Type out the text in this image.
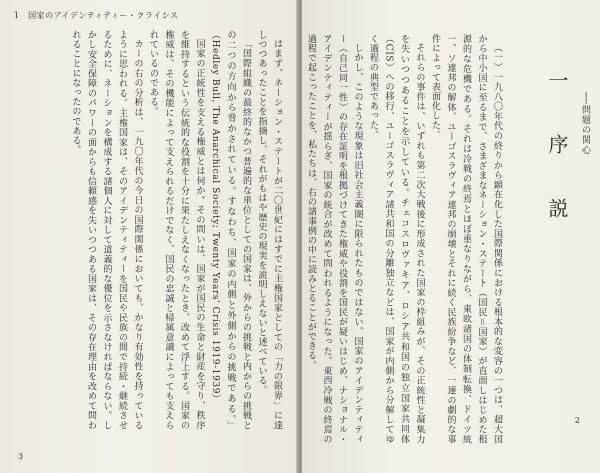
1　国家のアイデンティティー・クライシス

はまず、ネーション・ステートが二〇世紀にはすでに主権国家としての「力の限界」に達しつつあったことを指摘し、それがもはや歴史の現実を説明しえないと述べている。

「国際組織の最終的なかつ普遍的な単位としての国家は、外からの挑戦と内からの挑戦との二つの方向から脅かされている。すなわち、国家の内側と外側からの挑戦である。」（Hedley Bull, The Anarchical Society; Twenty Years' Crisis 1919-1939）

国家の正統性を支える権威とは何か。その問いは、国家が国民の生命と財産を守り、秩序を維持するという伝統的な役割を十分に果たしえなくなったとき、改めて浮上する。国家の権威は、その機能によって支えられるだけでなく、国民の忠誠と帰属意識によっても支えられているのである。

カーの右の分析は、一九〇年代の今日の国際関係においても、かなり有効性を持っているように思われる。主権国家は、そのアイデンティティーを国民や民族の間で持続・継続させるために、ネーションを構成する諸個人に対して道義的な優位を示さなければならない。しかし安全保障のパワーの面からも信頼感を失いつつある国家は、その存在理由を改めて問われることになったのである。

3

（一）一九八〇年代の終りから顕在化した国際関係における根本的な変容の一つは、超大国から中小国に至るまで、さまざまなネーション・ステート（国民＝国家）が直面しはじめた根源的な危機である。それは冷戦の終焉とほぼ重なりながら、東欧諸国の体制転換、ドイツ統一、ソ連邦の解体、ユーゴスラヴィア連邦の崩壊とそれに続く民族紛争など、一連の劇的な事件によって表面化した。

それらの事件は、いずれも第二次大戦後に形成された国家の枠組みが、その正統性と凝集力を失いつつあることを示している。チェコスロヴァキア、ロシア共和国の独立国家共同体（CIS）への移行、ユーゴスラヴィア諸共和国の分離独立などは、国家が内側から分解してゆく過程の典型であった。

しかし、このような現象は旧社会主義圏に限られたものではない。国家のアイデンティティー（自己同一性）の存在証明を根拠づけてきた権威や役割を国民が疑いはじめ、ナショナル・アイデンティティーが揺らぎ、国家の統合が改めて問われるようになった。東西冷戦の終焉の過程で起こったことを、私たちは、右の諸事例の中に読みとることができる。	一　序　説	──問題の関心
2
